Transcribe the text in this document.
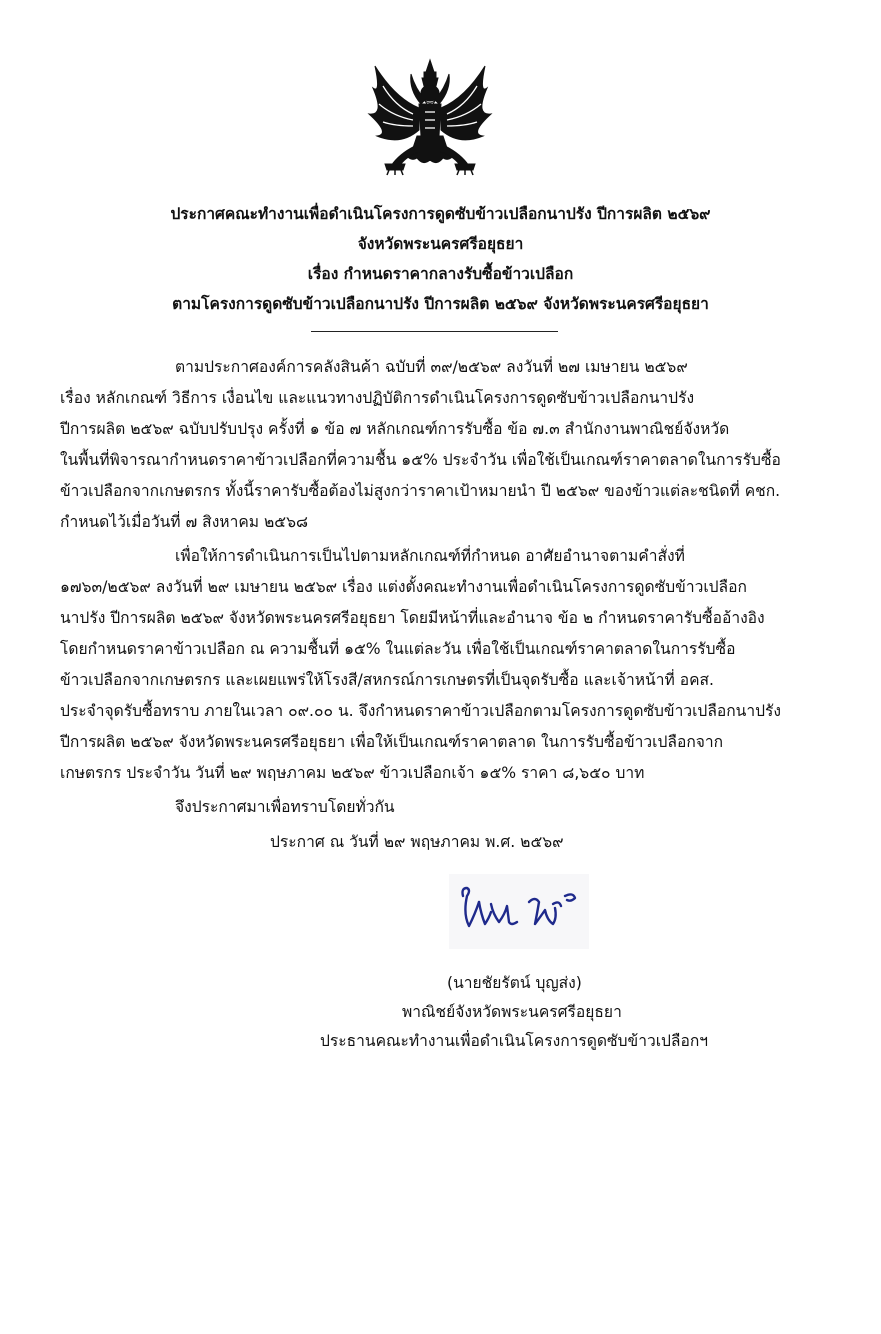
ประกาศคณะทำงานเพื่อดำเนินโครงการดูดซับข้าวเปลือกนาปรัง ปีการผลิต ๒๕๖๙
จังหวัดพระนครศรีอยุธยา
เรื่อง กำหนดราคากลางรับซื้อข้าวเปลือก
ตามโครงการดูดซับข้าวเปลือกนาปรัง ปีการผลิต ๒๕๖๙ จังหวัดพระนครศรีอยุธยา
ตามประกาศองค์การคลังสินค้า ฉบับที่ ๓๙/๒๕๖๙ ลงวันที่ ๒๗ เมษายน ๒๕๖๙
เรื่อง หลักเกณฑ์ วิธีการ เงื่อนไข และแนวทางปฏิบัติการดำเนินโครงการดูดซับข้าวเปลือกนาปรัง
ปีการผลิต ๒๕๖๙ ฉบับปรับปรุง ครั้งที่ ๑ ข้อ ๗ หลักเกณฑ์การรับซื้อ ข้อ ๗.๓ สำนักงานพาณิชย์จังหวัด
ในพื้นที่พิจารณากำหนดราคาข้าวเปลือกที่ความชื้น ๑๕% ประจำวัน เพื่อใช้เป็นเกณฑ์ราคาตลาดในการรับซื้อ
ข้าวเปลือกจากเกษตรกร ทั้งนี้ราคารับซื้อต้องไม่สูงกว่าราคาเป้าหมายนำ ปี ๒๕๖๙ ของข้าวแต่ละชนิดที่ คชก.
กำหนดไว้เมื่อวันที่ ๗ สิงหาคม ๒๕๖๘
เพื่อให้การดำเนินการเป็นไปตามหลักเกณฑ์ที่กำหนด อาศัยอำนาจตามคำสั่งที่
๑๗๖๓/๒๕๖๙ ลงวันที่ ๒๙ เมษายน ๒๕๖๙ เรื่อง แต่งตั้งคณะทำงานเพื่อดำเนินโครงการดูดซับข้าวเปลือก
นาปรัง ปีการผลิต ๒๕๖๙ จังหวัดพระนครศรีอยุธยา โดยมีหน้าที่และอำนาจ ข้อ ๒ กำหนดราคารับซื้ออ้างอิง
โดยกำหนดราคาข้าวเปลือก ณ ความชื้นที่ ๑๕% ในแต่ละวัน เพื่อใช้เป็นเกณฑ์ราคาตลาดในการรับซื้อ
ข้าวเปลือกจากเกษตรกร และเผยแพร่ให้โรงสี/สหกรณ์การเกษตรที่เป็นจุดรับซื้อ และเจ้าหน้าที่ อคส.
ประจำจุดรับซื้อทราบ ภายในเวลา ๐๙.๐๐ น. จึงกำหนดราคาข้าวเปลือกตามโครงการดูดซับข้าวเปลือกนาปรัง
ปีการผลิต ๒๕๖๙ จังหวัดพระนครศรีอยุธยา เพื่อให้เป็นเกณฑ์ราคาตลาด ในการรับซื้อข้าวเปลือกจาก
เกษตรกร ประจำวัน วันที่ ๒๙ พฤษภาคม ๒๕๖๙ ข้าวเปลือกเจ้า ๑๕% ราคา ๘,๖๕๐ บาท
จึงประกาศมาเพื่อทราบโดยทั่วกัน
ประกาศ ณ วันที่ ๒๙ พฤษภาคม พ.ศ. ๒๕๖๙
(นายชัยรัตน์ บุญส่ง)
พาณิชย์จังหวัดพระนครศรีอยุธยา
ประธานคณะทำงานเพื่อดำเนินโครงการดูดซับข้าวเปลือกฯ
